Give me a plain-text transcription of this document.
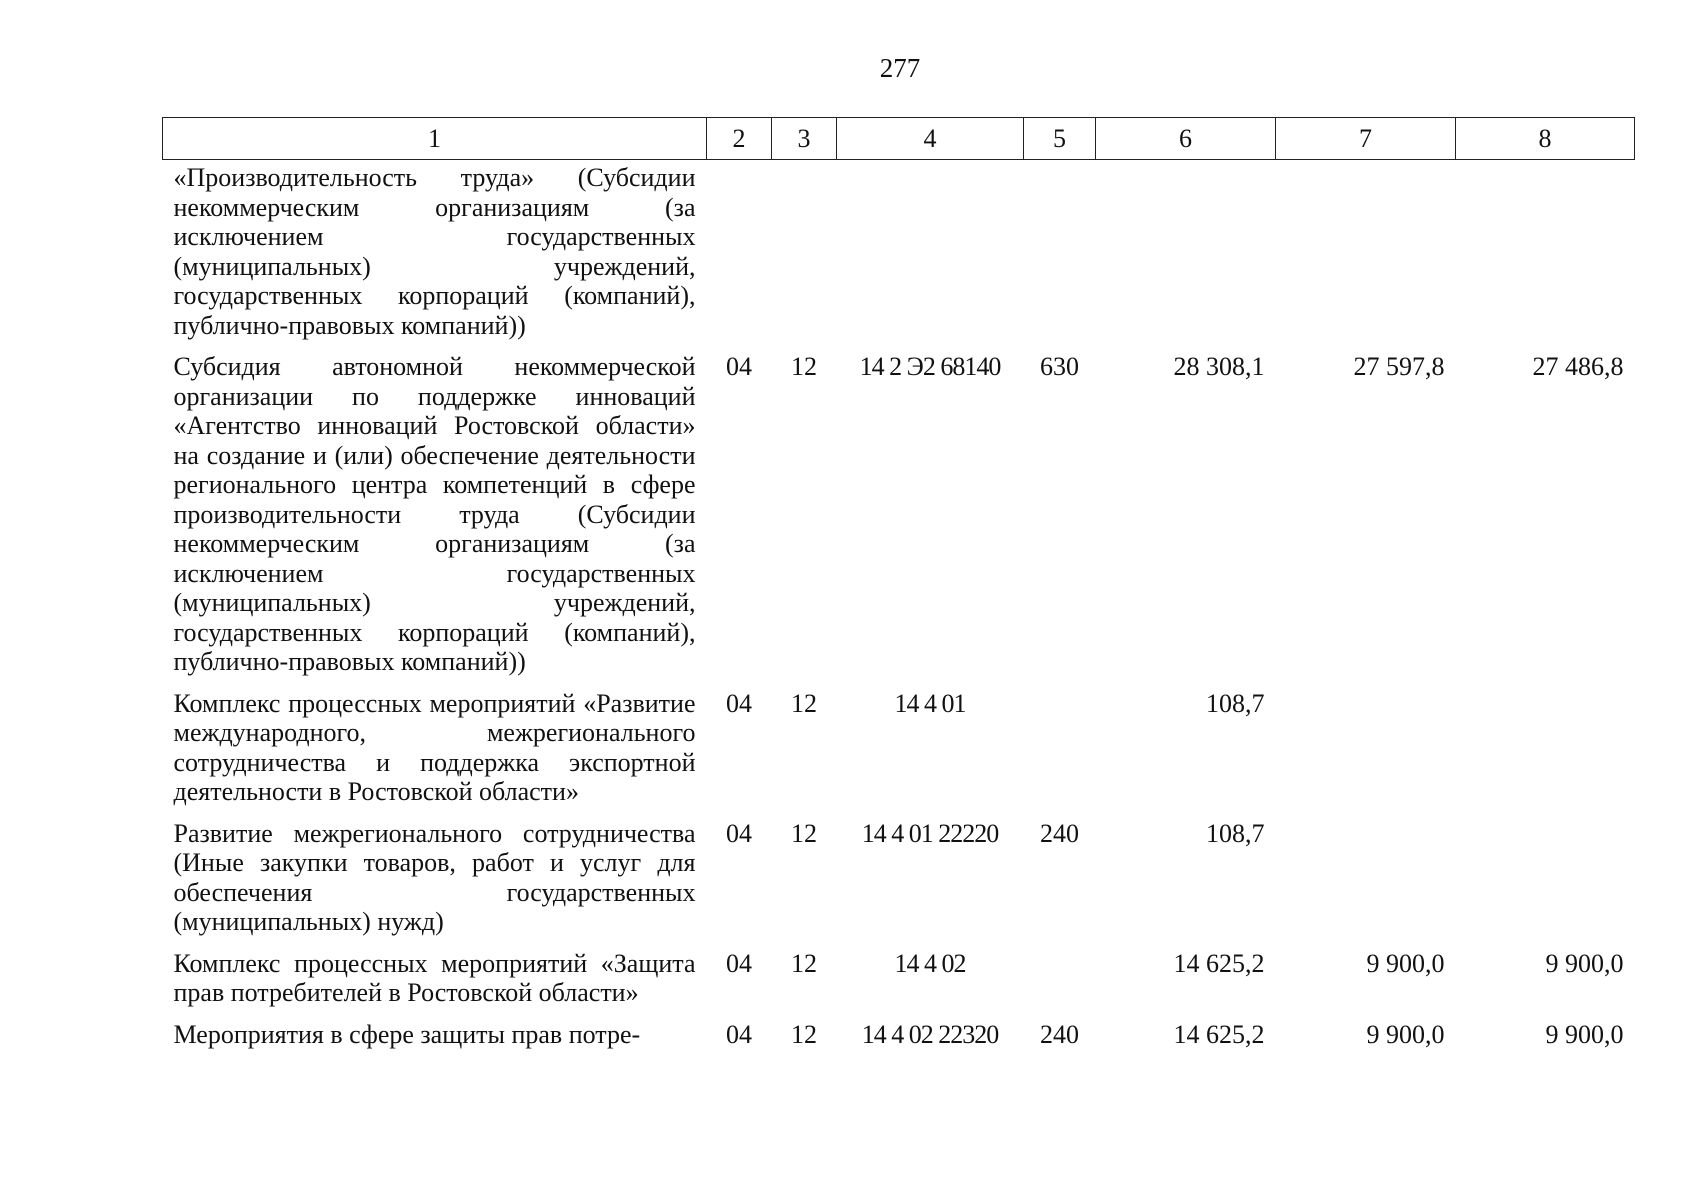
277
1	2	3	4	5	6	7	8
«Производительность труда» (Субсидии некоммерческим организациям (за исключением государственных (муниципальных) учреждений, государственных корпораций (компаний), публично-правовых компаний))							
Субсидия автономной некоммерческой организации по поддержке инноваций «Агентство инноваций Ростовской области» на создание и (или) обеспечение деятельности регионального центра компетенций в сфере производительности труда (Субсидии некоммерческим организациям (за исключением государственных (муниципальных) учреждений, государственных корпораций (компаний), публично-правовых компаний))	04	12	14 2 Э2 68140	630	28 308,1	27 597,8	27 486,8
Комплекс процессных мероприятий «Развитие международного, межрегионального сотрудничества и поддержка экспортной деятельности в Ростовской области»	04	12	14 4 01		108,7		
Развитие межрегионального сотрудничества (Иные закупки товаров, работ и услуг для обеспечения государственных (муниципальных) нужд)	04	12	14 4 01 22220	240	108,7		
Комплекс процессных мероприятий «Защита прав потребителей в Ростовской области»	04	12	14 4 02		14 625,2	9 900,0	9 900,0
Мероприятия в сфере защиты прав потре-	04	12	14 4 02 22320	240	14 625,2	9 900,0	9 900,0
